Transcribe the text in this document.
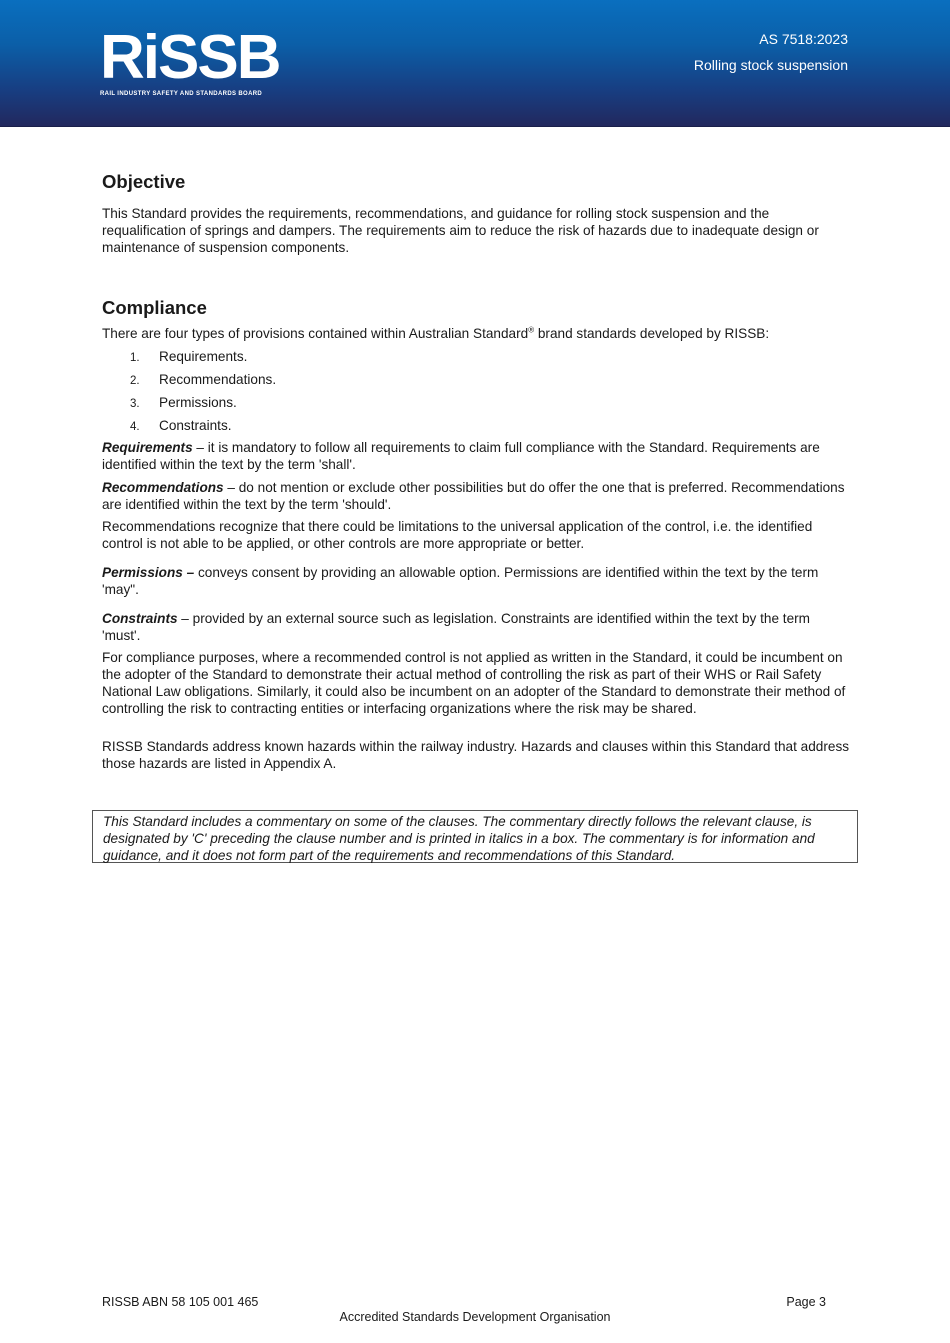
RiSSB
RAIL INDUSTRY SAFETY AND STANDARDS BOARD
AS 7518:2023
Rolling stock suspension
Objective

This Standard provides the requirements, recommendations, and guidance for rolling stock suspension and the requalification of springs and dampers. The requirements aim to reduce the risk of hazards due to inadequate design or maintenance of suspension components.

Compliance

There are four types of provisions contained within Australian Standard® brand standards developed by RISSB:

1. Requirements.
2. Recommendations.
3. Permissions.
4. Constraints.

Requirements – it is mandatory to follow all requirements to claim full compliance with the Standard. Requirements are identified within the text by the term 'shall'.

Recommendations – do not mention or exclude other possibilities but do offer the one that is preferred. Recommendations are identified within the text by the term 'should'.

Recommendations recognize that there could be limitations to the universal application of the control, i.e. the identified control is not able to be applied, or other controls are more appropriate or better.

Permissions – conveys consent by providing an allowable option. Permissions are identified within the text by the term 'may".

Constraints – provided by an external source such as legislation. Constraints are identified within the text by the term 'must'.

For compliance purposes, where a recommended control is not applied as written in the Standard, it could be incumbent on the adopter of the Standard to demonstrate their actual method of controlling the risk as part of their WHS or Rail Safety National Law obligations. Similarly, it could also be incumbent on an adopter of the Standard to demonstrate their method of controlling the risk to contracting entities or interfacing organizations where the risk may be shared.

RISSB Standards address known hazards within the railway industry. Hazards and clauses within this Standard that address those hazards are listed in Appendix A.

This Standard includes a commentary on some of the clauses. The commentary directly follows the relevant clause, is designated by 'C' preceding the clause number and is printed in italics in a box. The commentary is for information and guidance, and it does not form part of the requirements and recommendations of this Standard.
RISSB ABN 58 105 001 465	Page 3
Accredited Standards Development Organisation
